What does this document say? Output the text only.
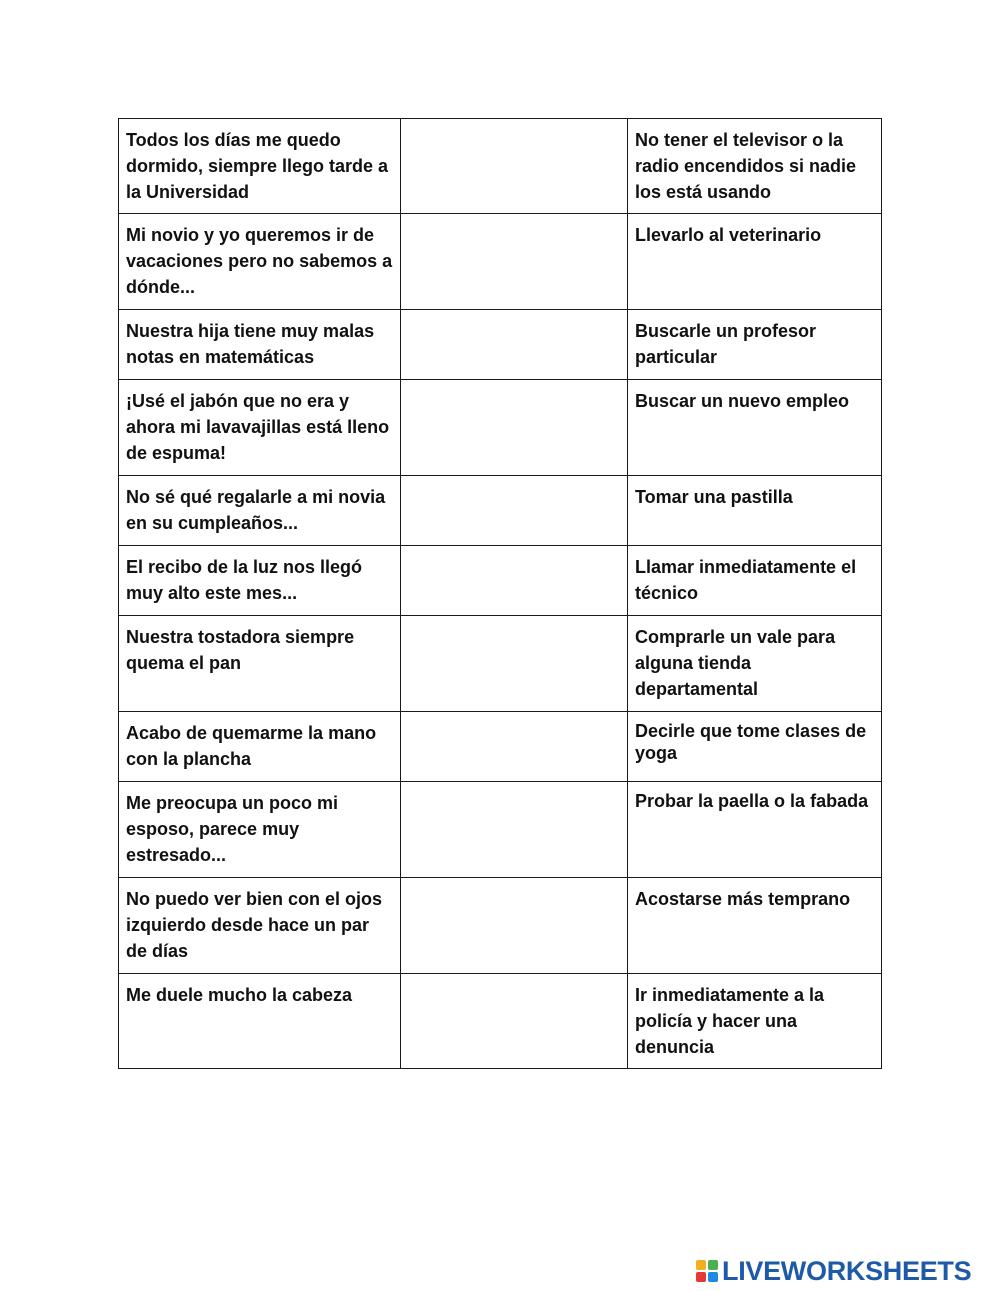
Todos los días me quedo dormido, siempre llego tarde a la Universidad		No tener el televisor o la radio encendidos si nadie los está usando
Mi novio y yo queremos ir de vacaciones pero no sabemos a dónde...		Llevarlo al veterinario
Nuestra hija tiene muy malas notas en matemáticas		Buscarle un profesor particular
¡Usé el jabón que no era y ahora mi lavavajillas está lleno de espuma!		Buscar un nuevo empleo
No sé qué regalarle a mi novia en su cumpleaños...		Tomar una pastilla
El recibo de la luz nos llegó muy alto este mes...		Llamar inmediatamente el técnico
Nuestra tostadora siempre quema el pan		Comprarle un vale para alguna tienda departamental
Acabo de quemarme la mano con la plancha		Decirle que tome clases de yoga
Me preocupa un poco mi esposo, parece muy estresado...		Probar la paella o la fabada
No puedo ver bien con el ojos izquierdo desde hace un par de días		Acostarse más temprano
Me duele mucho la cabeza		Ir inmediatamente a la policía y hacer una denuncia
LIVEWORKSHEETS
